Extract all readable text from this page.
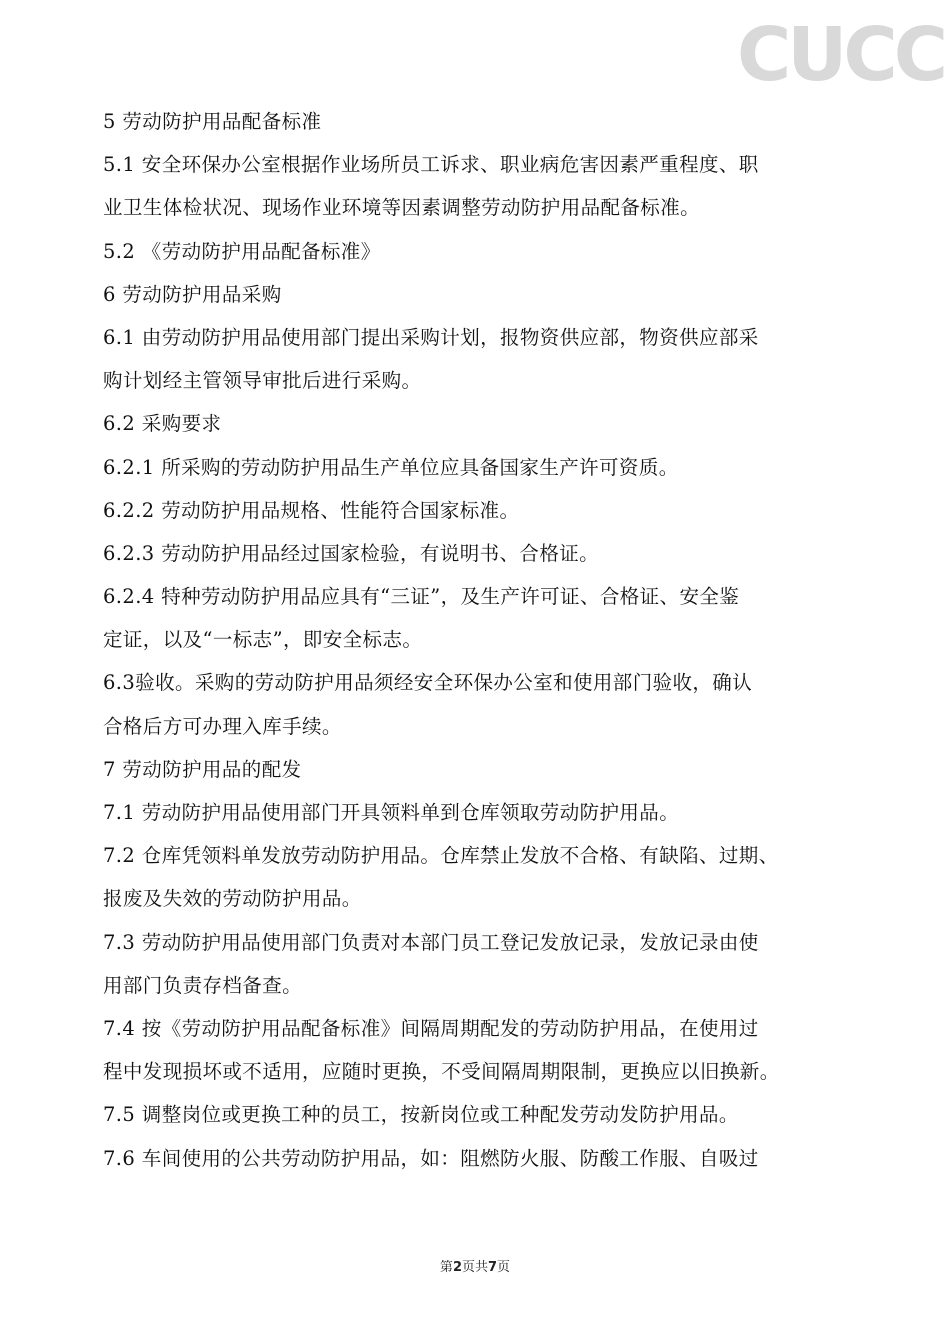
CUCC
5 劳动防护用品配备标准
5.1 安全环保办公室根据作业场所员工诉求、职业病危害因素严重程度、职
业卫生体检状况、现场作业环境等因素调整劳动防护用品配备标准。
5.2 《劳动防护用品配备标准》
6 劳动防护用品采购
6.1 由劳动防护用品使用部门提出采购计划，报物资供应部，物资供应部采
购计划经主管领导审批后进行采购。
6.2 采购要求
6.2.1 所采购的劳动防护用品生产单位应具备国家生产许可资质。
6.2.2 劳动防护用品规格、性能符合国家标准。
6.2.3 劳动防护用品经过国家检验，有说明书、合格证。
6.2.4 特种劳动防护用品应具有“三证”，及生产许可证、合格证、安全鉴
定证，以及“一标志”，即安全标志。
6.3验收。采购的劳动防护用品须经安全环保办公室和使用部门验收，确认
合格后方可办理入库手续。
7 劳动防护用品的配发
7.1 劳动防护用品使用部门开具领料单到仓库领取劳动防护用品。
7.2 仓库凭领料单发放劳动防护用品。仓库禁止发放不合格、有缺陷、过期、
报废及失效的劳动防护用品。
7.3 劳动防护用品使用部门负责对本部门员工登记发放记录，发放记录由使
用部门负责存档备查。
7.4 按《劳动防护用品配备标准》间隔周期配发的劳动防护用品，在使用过
程中发现损坏或不适用，应随时更换，不受间隔周期限制，更换应以旧换新。
7.5 调整岗位或更换工种的员工，按新岗位或工种配发劳动发防护用品。
7.6 车间使用的公共劳动防护用品，如：阻燃防火服、防酸工作服、自吸过
第2页共7页
